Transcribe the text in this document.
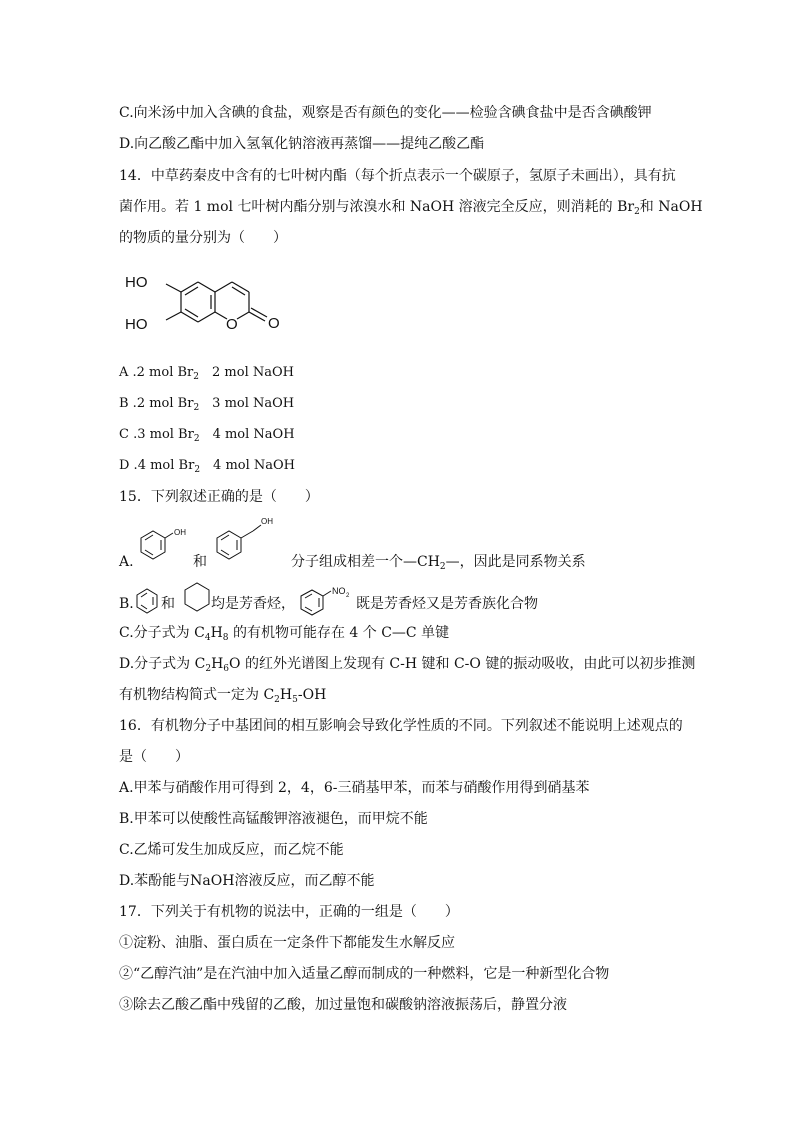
C.向米汤中加入含碘的食盐，观察是否有颜色的变化——检验含碘食盐中是否含碘酸钾
D.向乙酸乙酯中加入氢氧化钠溶液再蒸馏——提纯乙酸乙酯
14．中草药秦皮中含有的七叶树内酯（每个折点表示一个碳原子，氢原子未画出），具有抗
菌作用。若 1 mol 七叶树内酯分别与浓溴水和 NaOH 溶液完全反应，则消耗的 $Br_2$和 NaOH
的物质的量分别为（　　）
HO
HO	O O
A .2 mol $Br_2$　2 mol NaOH
B .2 mol $Br_2$　3 mol NaOH
C .3 mol $Br_2$　4 mol NaOH
D .4 mol $Br_2$　4 mol NaOH
15．下列叙述正确的是（　　）
A.
OH
和
OH
分子组成相差一个$—CH_2—$，因此是同系物关系
B. 和	均是芳香烃，
NO 2 既是芳香烃又是芳香族化合物
C.分子式为 $C_4H_8$ 的有机物可能存在 4 个 C—C 单键
D.分子式为 $C_2H_6O$ 的红外光谱图上发现有 C-H 键和 C-O 键的振动吸收，由此可以初步推测
有机物结构简式一定为 $C_2H_5-OH$
16．有机物分子中基团间的相互影响会导致化学性质的不同。下列叙述不能说明上述观点的
是（　　）
A.甲苯与硝酸作用可得到 2，4，6-三硝基甲苯，而苯与硝酸作用得到硝基苯
B.甲苯可以使酸性高锰酸钾溶液褪色，而甲烷不能
C.乙烯可发生加成反应，而乙烷不能
D.苯酚能与NaOH溶液反应，而乙醇不能
17．下列关于有机物的说法中，正确的一组是（　　）
①淀粉、油脂、蛋白质在一定条件下都能发生水解反应
②“乙醇汽油”是在汽油中加入适量乙醇而制成的一种燃料，它是一种新型化合物
③除去乙酸乙酯中残留的乙酸，加过量饱和碳酸钠溶液振荡后，静置分液
